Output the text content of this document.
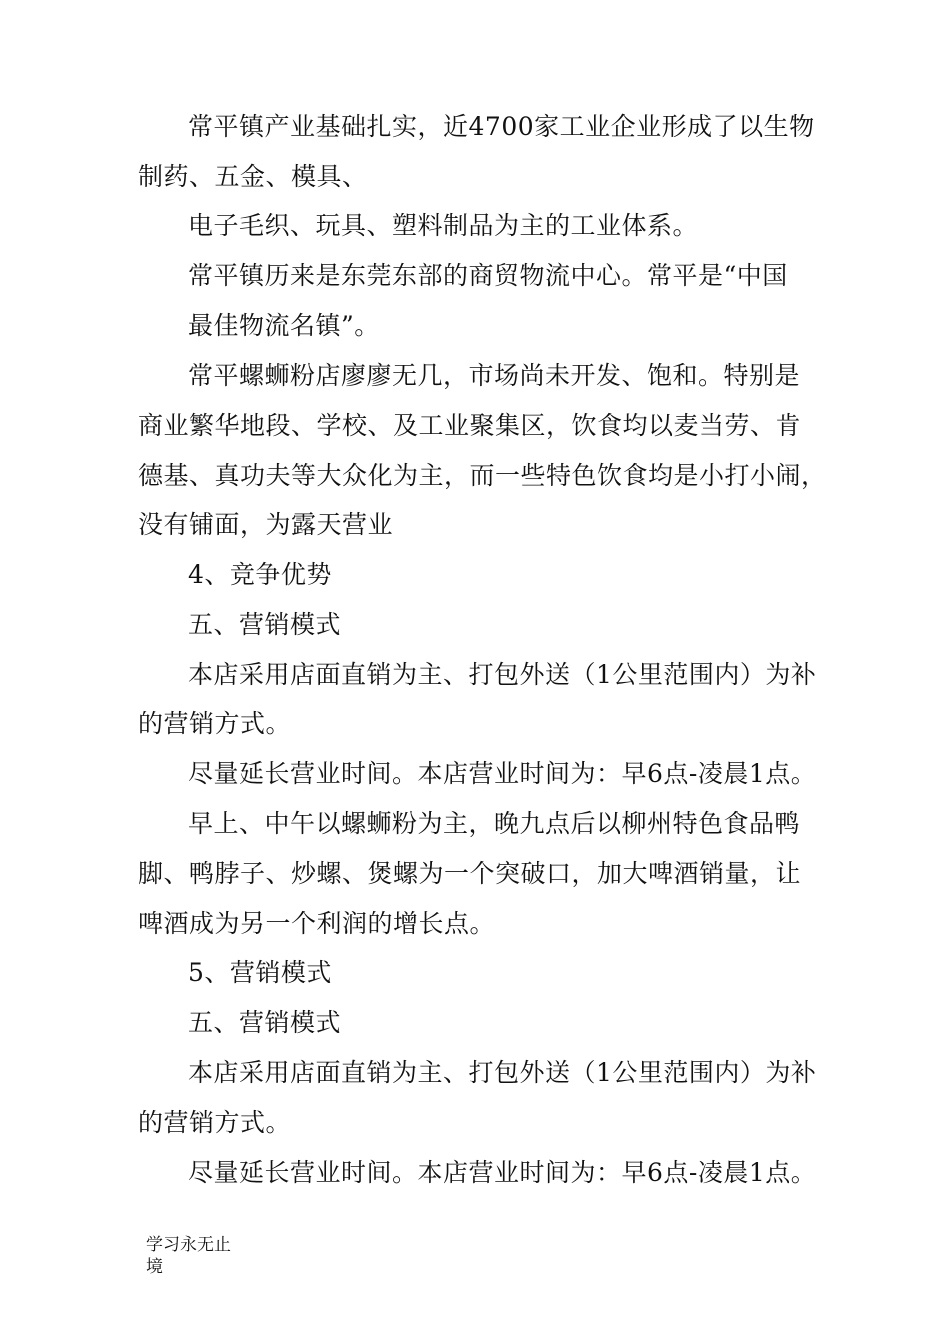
常平镇产业基础扎实，近4700家工业企业形成了以生物
制药、五金、模具、
电子毛织、玩具、塑料制品为主的工业体系。
常平镇历来是东莞东部的商贸物流中心。常平是“中国
最佳物流名镇”。
常平螺蛳粉店廖廖无几，市场尚未开发、饱和。特别是
商业繁华地段、学校、及工业聚集区，饮食均以麦当劳、肯
德基、真功夫等大众化为主，而一些特色饮食均是小打小闹，
没有铺面，为露天营业
4、竞争优势
五、营销模式
本店采用店面直销为主、打包外送（1公里范围内）为补
的营销方式。
尽量延长营业时间。本店营业时间为：早6点-凌晨1点。
早上、中午以螺蛳粉为主，晚九点后以柳州特色食品鸭
脚、鸭脖子、炒螺、煲螺为一个突破口，加大啤酒销量，让
啤酒成为另一个利润的增长点。
5、营销模式
五、营销模式
本店采用店面直销为主、打包外送（1公里范围内）为补
的营销方式。
尽量延长营业时间。本店营业时间为：早6点-凌晨1点。
学习永无止
境
